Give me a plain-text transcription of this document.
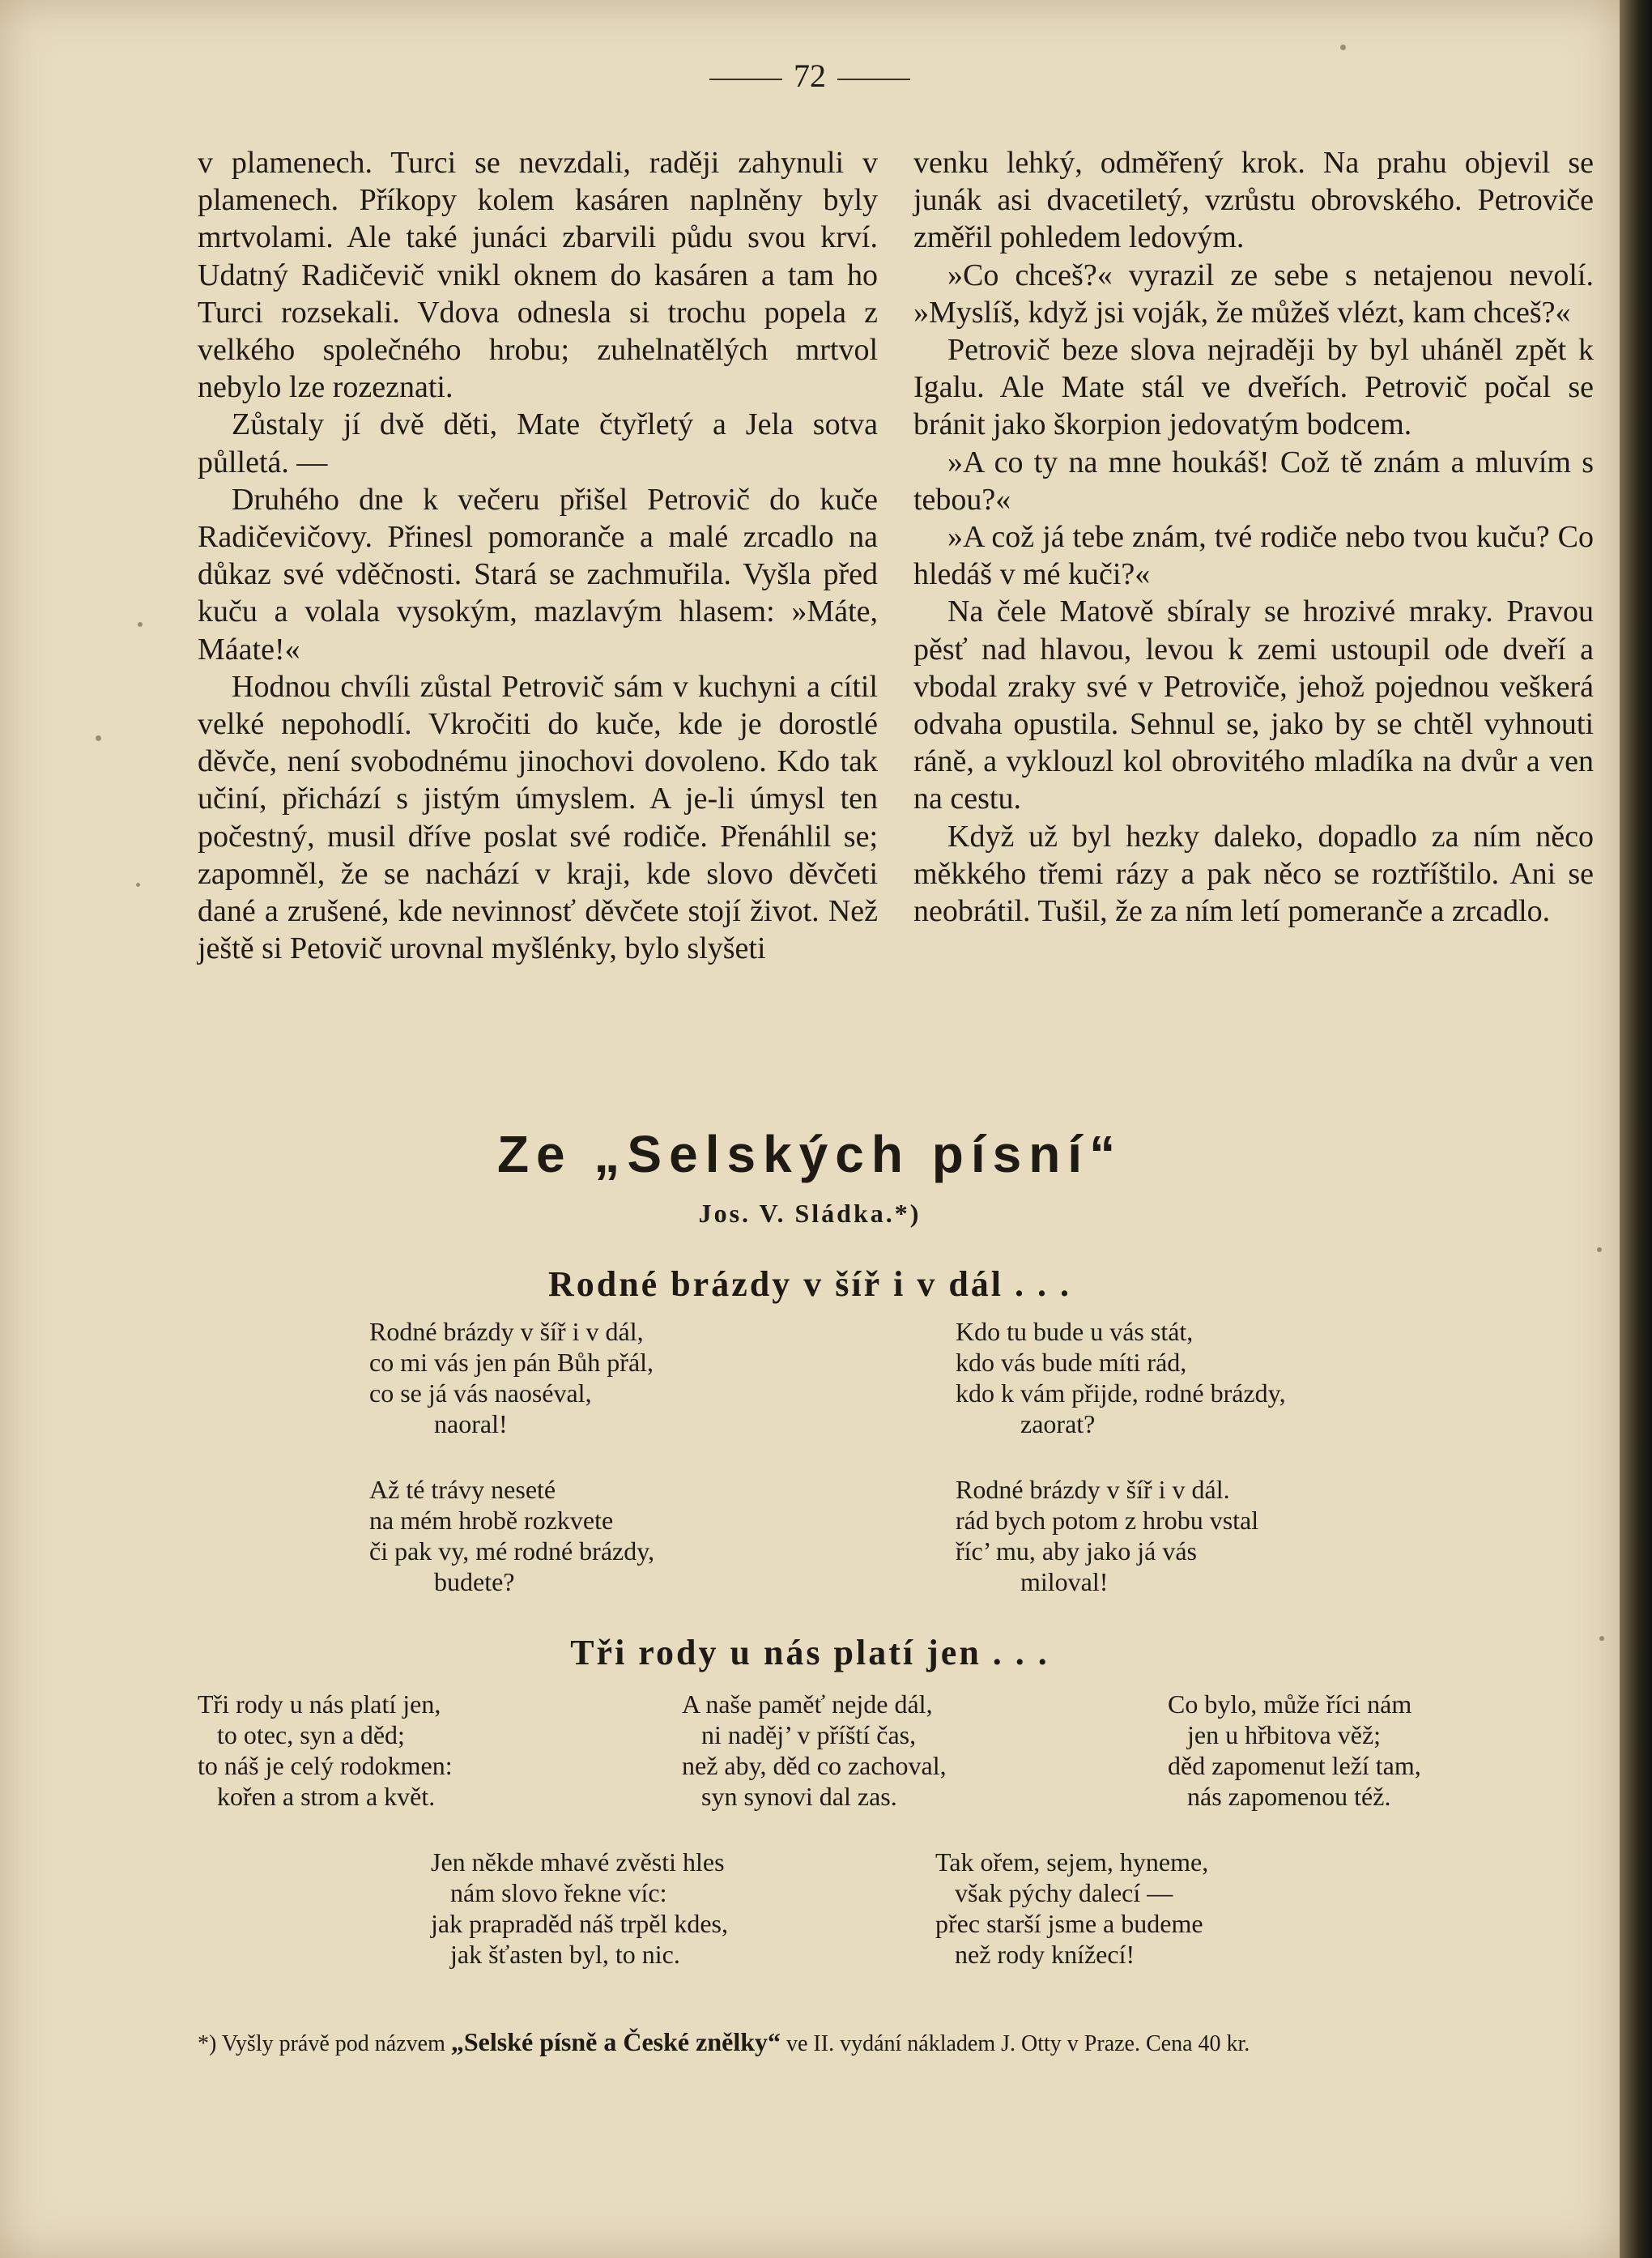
72

v plamenech. Turci se nevzdali, raději zahynuli v plamenech. Příkopy kolem kasáren naplněny byly mrtvolami. Ale také junáci zbarvili půdu svou krví. Udatný Radičevič vnikl oknem do kasáren a tam ho Turci rozsekali. Vdova odnesla si trochu popela z velkého společného hrobu; zuhelnatělých mrtvol nebylo lze rozeznati.

Zůstaly jí dvě děti, Mate čtyřletý a Jela sotva půlletá. —

Druhého dne k večeru přišel Petrovič do kuče Radičevičovy. Přinesl pomoranče a malé zrcadlo na důkaz své vděčnosti. Stará se zachmuřila. Vyšla před kuču a volala vysokým, mazlavým hlasem: »Máte, Máate!«

Hodnou chvíli zůstal Petrovič sám v kuchyni a cítil velké nepohodlí. Vkročiti do kuče, kde je dorostlé děvče, není svobodnému jinochovi dovoleno. Kdo tak učiní, přichází s jistým úmyslem. A je-li úmysl ten počestný, musil dříve poslat své rodiče. Přenáhlil se; zapomněl, že se nachází v kraji, kde slovo děvčeti dané a zrušené, kde nevinnosť děvčete stojí život. Než ještě si Petovič urovnal myšlénky, bylo slyšeti

venku lehký, odměřený krok. Na prahu objevil se junák asi dvacetiletý, vzrůstu obrovského. Petroviče změřil pohledem ledovým.

»Co chceš?« vyrazil ze sebe s netajenou nevolí. »Myslíš, když jsi voják, že můžeš vlézt, kam chceš?«

Petrovič beze slova nejraději by byl uháněl zpět k Igalu. Ale Mate stál ve dveřích. Petrovič počal se bránit jako škorpion jedovatým bodcem.

»A co ty na mne houkáš! Což tě znám a mluvím s tebou?«

»A což já tebe znám, tvé rodiče nebo tvou kuču? Co hledáš v mé kuči?«

Na čele Matově sbíraly se hrozivé mraky. Pravou pěsť nad hlavou, levou k zemi ustoupil ode dveří a vbodal zraky své v Petroviče, jehož pojednou veškerá odvaha opustila. Sehnul se, jako by se chtěl vyhnouti ráně, a vyklouzl kol obrovitého mladíka na dvůr a ven na cestu.

Když už byl hezky daleko, dopadlo za ním něco měkkého třemi rázy a pak něco se roztříštilo. Ani se neobrátil. Tušil, že za ním letí pomeranče a zrcadlo.

Ze „Selských písní“
Jos. V. Sládka.*)
Rodné brázdy v šíř i v dál . . .
Rodné brázdy v šíř i v dál,
co mi vás jen pán Bůh přál,
co se já vás naoséval,
naoral!
Kdo tu bude u vás stát,
kdo vás bude míti rád,
kdo k vám přijde, rodné brázdy,
zaorat?
Až té trávy neseté
na mém hrobě rozkvete
či pak vy, mé rodné brázdy,
budete?
Rodné brázdy v šíř i v dál.
rád bych potom z hrobu vstal
říc’ mu, aby jako já vás
miloval!
Tři rody u nás platí jen . . .
Tři rody u nás platí jen,
to otec, syn a děd;
to náš je celý rodokmen:
kořen a strom a květ.
A naše paměť nejde dál,
ni naděj’ v příští čas,
než aby, děd co zachoval,
syn synovi dal zas.
Co bylo, může říci nám
jen u hřbitova věž;
děd zapomenut leží tam,
nás zapomenou též.
Jen někde mhavé zvěsti hles
nám slovo řekne víc:
jak prapraděd náš trpěl kdes,
jak šťasten byl, to nic.
Tak ořem, sejem, hyneme,
však pýchy dalecí —
přec starší jsme a budeme
než rody knížecí!
*) Vyšly právě pod názvem „Selské písně a České znělky“ ve II. vydání nákladem J. Otty v Praze. Cena 40 kr.
